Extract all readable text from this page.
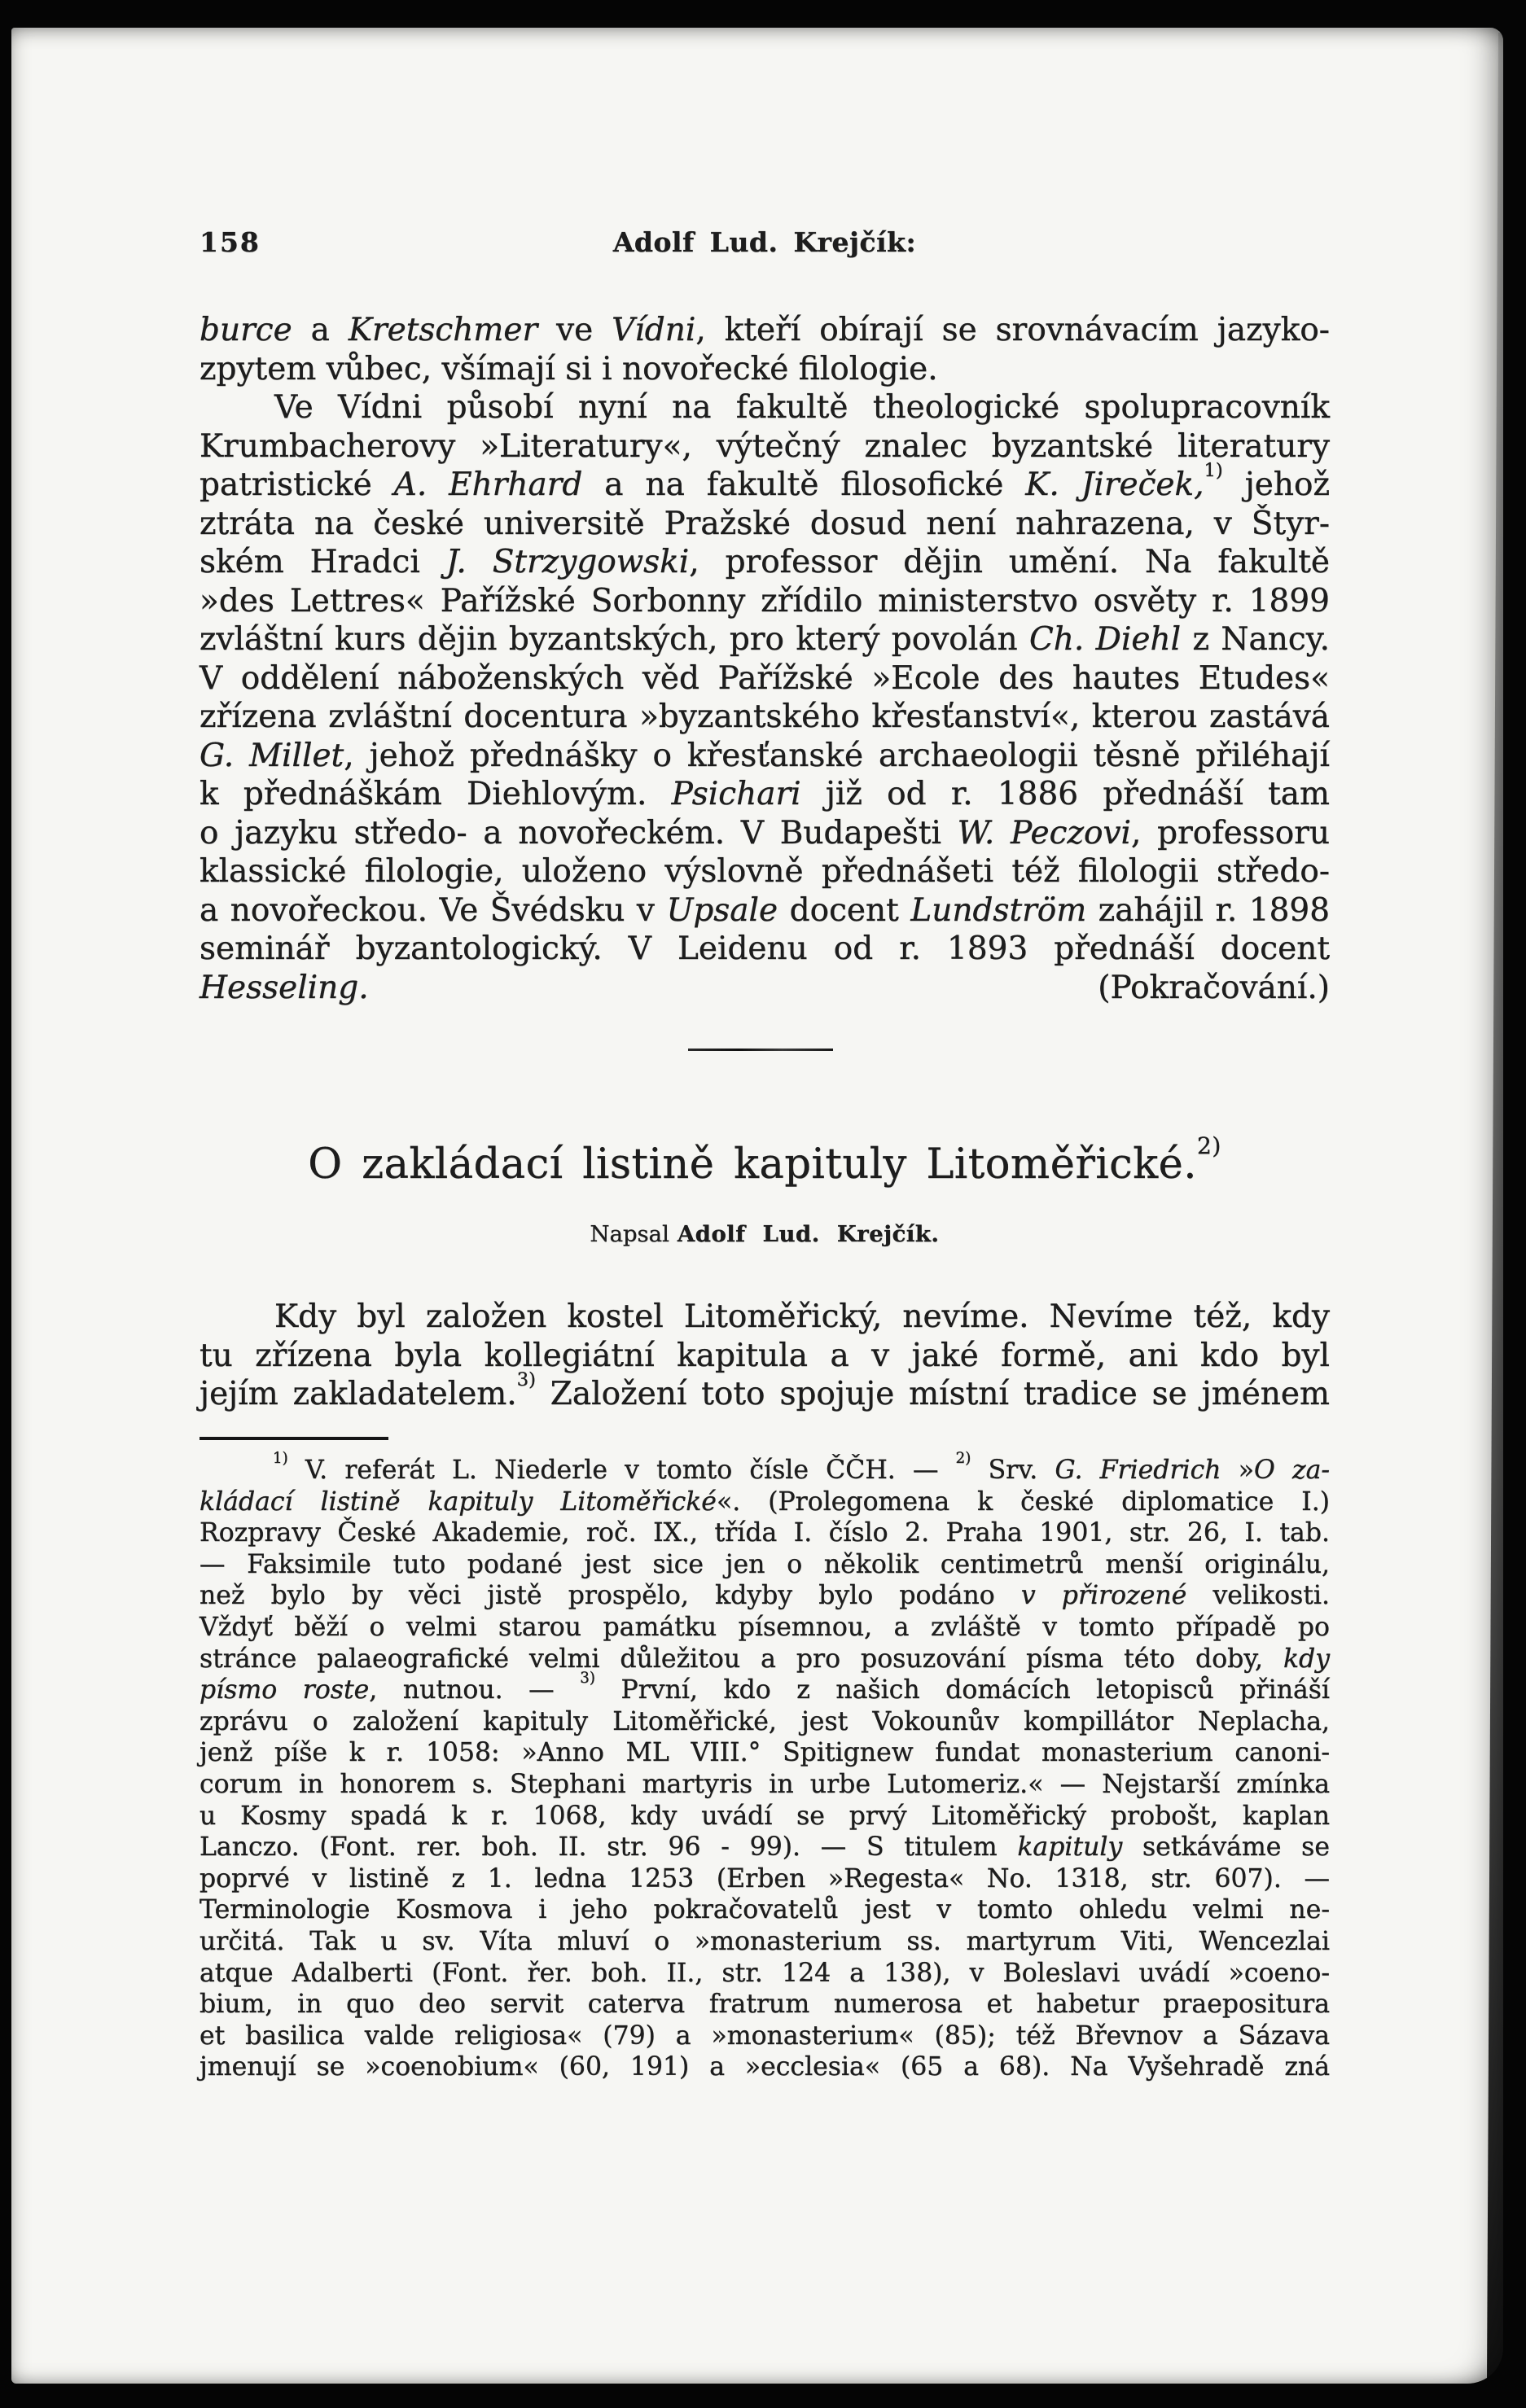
158	Adolf Lud. Krejčík:
burce a Kretschmer ve Vídni, kteří obírají se srovnávacím jazyko-
zpytem vůbec, všímají si i novořecké filologie.
Ve Vídni působí nyní na fakultě theologické spolupracovník
Krumbacherovy »Literatury«, výtečný znalec byzantské literatury
patristické A. Ehrhard a na fakultě filosofické K. Jireček,$^{1)}$ jehož
ztráta na české universitě Pražské dosud není nahrazena, v Štyr-
ském Hradci J. Strzygowski, professor dějin umění. Na fakultě
»des Lettres« Pařížské Sorbonny zřídilo ministerstvo osvěty r. 1899
zvláštní kurs dějin byzantských, pro který povolán Ch. Diehl z Nancy.
V oddělení náboženských věd Pařížské »Ecole des hautes Etudes«
zřízena zvláštní docentura »byzantského křesťanství«, kterou zastává
G. Millet, jehož přednášky o křesťanské archaeologii těsně přiléhají
k přednáškám Diehlovým. Psichari již od r. 1886 přednáší tam
o jazyku středo- a novořeckém. V Budapešti W. Peczovi, professoru
klassické filologie, uloženo výslovně přednášeti též filologii středo-
a novořeckou. Ve Švédsku v Upsale docent Lundström zahájil r. 1898
seminář byzantologický. V Leidenu od r. 1893 přednáší docent
Hesseling.	(Pokračování.)
O zakládací listině kapituly Litoměřické.$^{2)}$
Napsal Adolf Lud. Krejčík.
Kdy byl založen kostel Litoměřický, nevíme. Nevíme též, kdy
tu zřízena byla kollegiátní kapitula a v jaké formě, ani kdo byl
jejím zakladatelem.$^{3)}$ Založení toto spojuje místní tradice se jménem
$^{1)}$ V. referát L. Niederle v tomto čísle ČČH. — $^{2)}$ Srv. G. Friedrich »O za-
kládací listině kapituly Litoměřické«. (Prolegomena k české diplomatice I.)
Rozpravy České Akademie, roč. IX., třída I. číslo 2. Praha 1901, str. 26, I. tab.
— Faksimile tuto podané jest sice jen o několik centimetrů menší originálu,
než bylo by věci jistě prospělo, kdyby bylo podáno v přirozené velikosti.
Vždyť běží o velmi starou památku písemnou, a zvláště v tomto případě po
stránce palaeografické velmi důležitou a pro posuzování písma této doby, kdy
písmo roste, nutnou. — $^{3)}$ První, kdo z našich domácích letopisců přináší
zprávu o založení kapituly Litoměřické, jest Vokounův kompillátor Neplacha,
jenž píše k r. 1058: »Anno ML VIII.° Spitignew fundat monasterium canoni-
corum in honorem s. Stephani martyris in urbe Lutomeriz.« — Nejstarší zmínka
u Kosmy spadá k r. 1068, kdy uvádí se prvý Litoměřický probošt, kaplan
Lanczo. (Font. rer. boh. II. str. 96 - 99). — S titulem kapituly setkáváme se
poprvé v listině z 1. ledna 1253 (Erben »Regesta« No. 1318, str. 607). —
Terminologie Kosmova i jeho pokračovatelů jest v tomto ohledu velmi ne-
určitá. Tak u sv. Víta mluví o »monasterium ss. martyrum Viti, Wencezlai
atque Adalberti (Font. řer. boh. II., str. 124 a 138), v Boleslavi uvádí »coeno-
bium, in quo deo servit caterva fratrum numerosa et habetur praepositura
et basilica valde religiosa« (79) a »monasterium« (85); též Břevnov a Sázava
jmenují se »coenobium« (60, 191) a »ecclesia« (65 a 68). Na Vyšehradě zná
